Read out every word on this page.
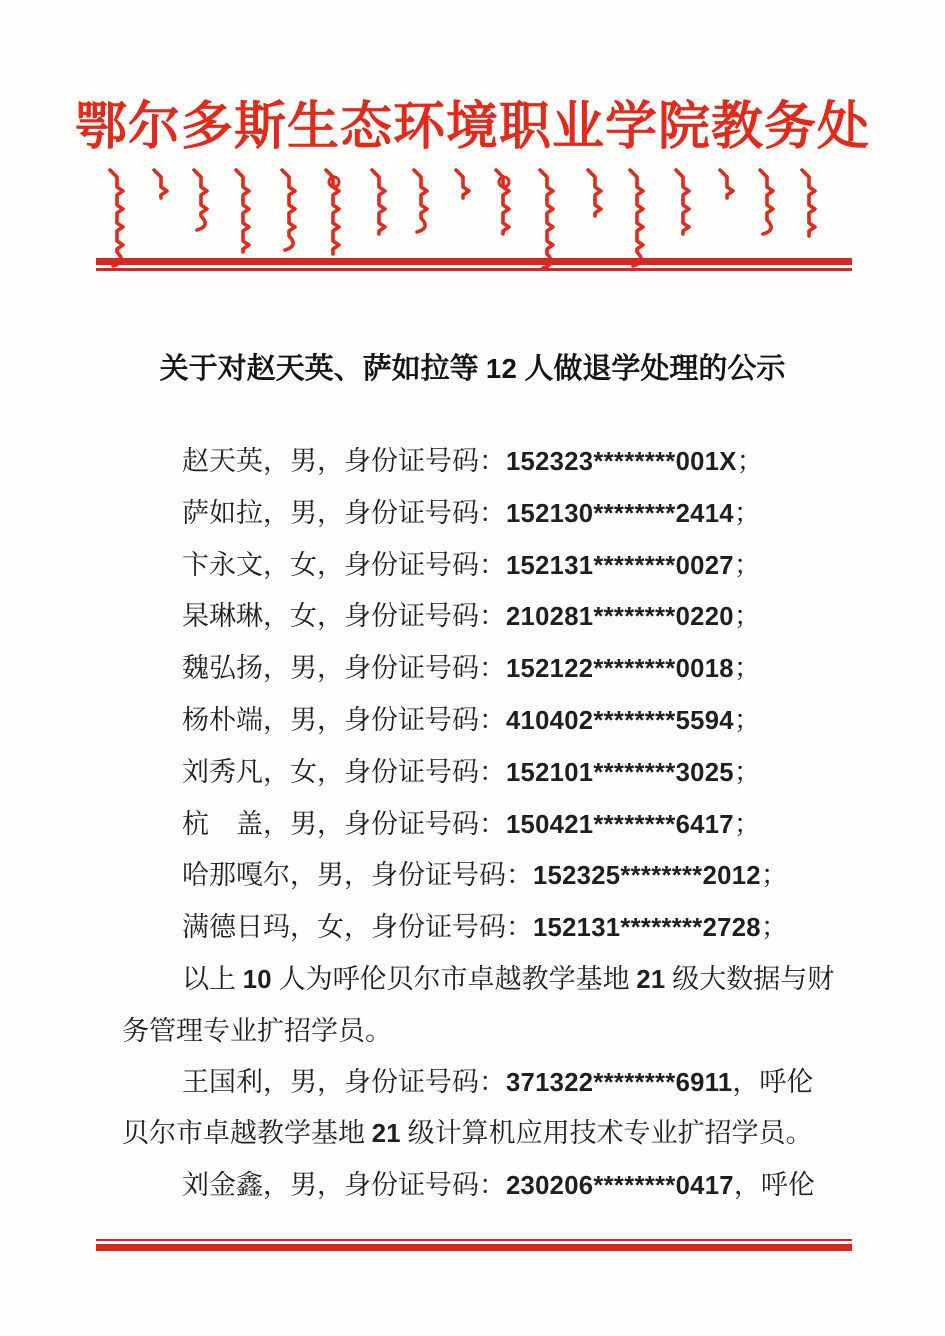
鄂尔多斯生态环境职业学院教务处
关于对赵天英、萨如拉等 12 人做退学处理的公示

赵天英，男，身份证号码：152323********001X；

萨如拉，男，身份证号码：152130********2414；

卞永文，女，身份证号码：152131********0027；

杲琳琳，女，身份证号码：210281********0220；

魏弘扬，男，身份证号码：152122********0018；

杨朴端，男，身份证号码：410402********5594；

刘秀凡，女，身份证号码：152101********3025；

杭　盖，男，身份证号码：150421********6417；

哈那嘎尔，男，身份证号码：152325********2012；

满德日玛，女，身份证号码：152131********2728；

以上 10 人为呼伦贝尔市卓越教学基地 21 级大数据与财

务管理专业扩招学员。

王国利，男，身份证号码：371322********6911，呼伦

贝尔市卓越教学基地 21 级计算机应用技术专业扩招学员。

刘金鑫，男，身份证号码：230206********0417，呼伦
